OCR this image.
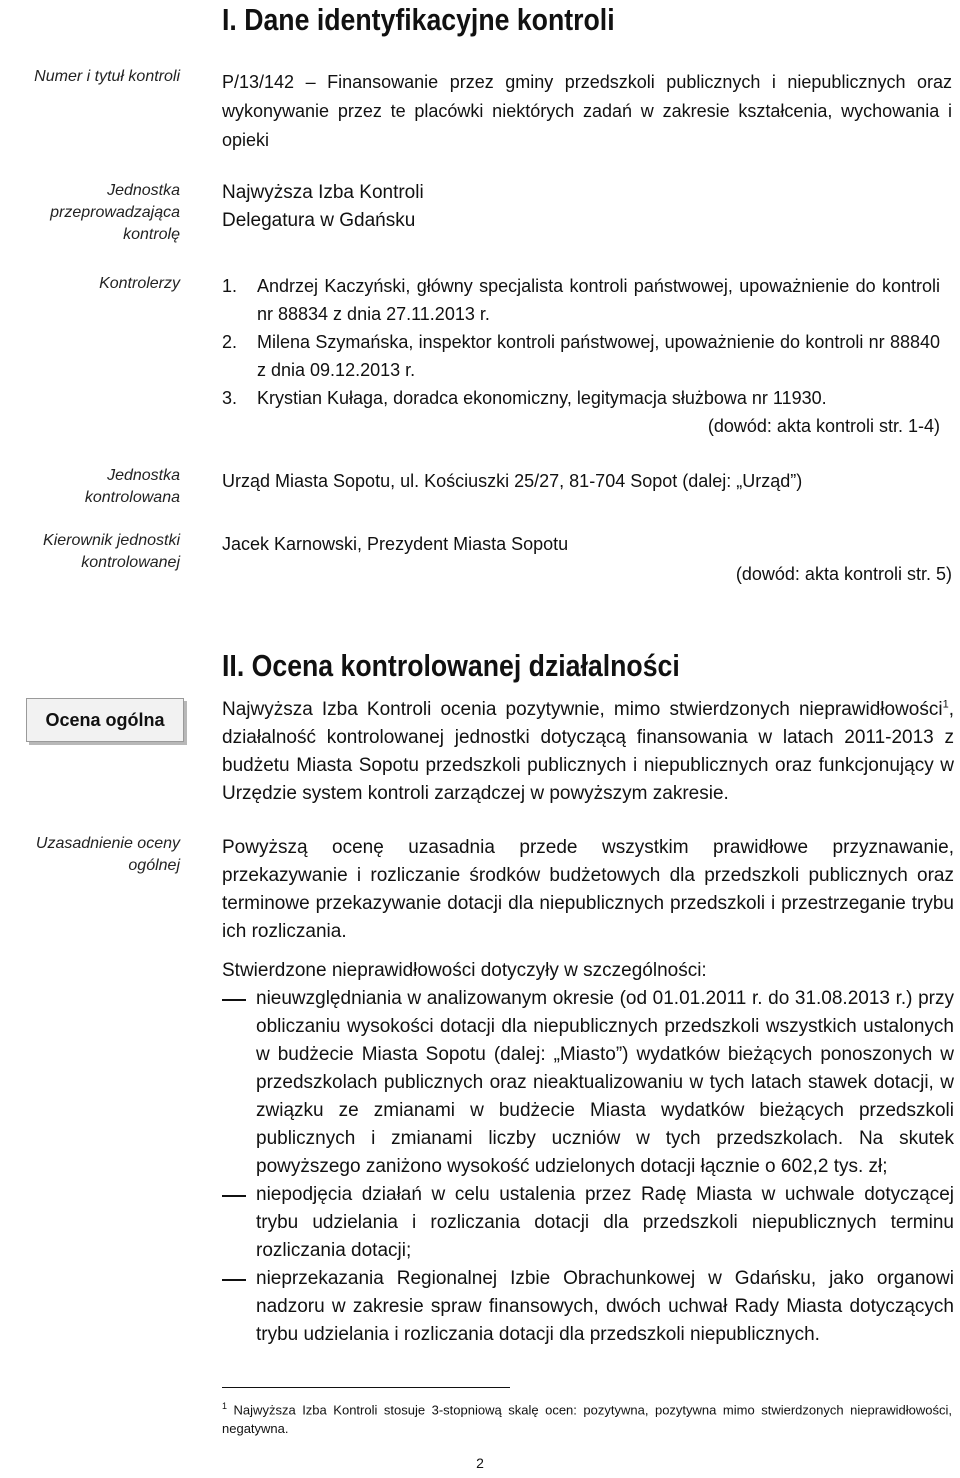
I. Dane identyfikacyjne kontroli
Numer i tytuł kontroli P/13/142 – Finansowanie przez gminy przedszkoli publicznych i niepublicznych oraz wykonywanie przez te placówki niektórych zadań w zakresie kształcenia, wychowania i opieki
Jednostka przeprowadzająca kontrolę

Najwyższa Izba Kontroli

Delegatura w Gdańsku

Kontrolerzy 1. Andrzej Kaczyński, główny specjalista kontroli państwowej, upoważnienie do kontroli nr 88834 z dnia 27.11.2013 r.
2. Milena Szymańska, inspektor kontroli państwowej, upoważnienie do kontroli nr 88840 z dnia 09.12.2013 r.
3. Krystian Kułaga, doradca ekonomiczny, legitymacja służbowa nr 11930.

(dowód: akta kontroli str. 1-4)

Jednostka kontrolowana
Urząd Miasta Sopotu, ul. Kościuszki 25/27, 81-704 Sopot (dalej: „Urząd”)
Kierownik jednostki kontrolowanej
Jacek Karnowski, Prezydent Miasta Sopotu
(dowód: akta kontroli str. 5)
II. Ocena kontrolowanej działalności
Ocena ogólna	Najwyższa Izba Kontroli ocenia pozytywnie, mimo stwierdzonych nieprawidłowości$^1$, działalność kontrolowanej jednostki dotyczącą finansowania w latach 2011-2013 z budżetu Miasta Sopotu przedszkoli publicznych i niepublicznych oraz funkcjonujący w Urzędzie system kontroli zarządczej w powyższym zakresie.
Uzasadnienie oceny ogólnej
Powyższą ocenę uzasadnia przede wszystkim prawidłowe przyznawanie, przekazywanie i rozliczanie środków budżetowych dla przedszkoli publicznych oraz terminowe przekazywanie dotacji dla niepublicznych przedszkoli i przestrzeganie trybu ich rozliczania.

Stwierdzone nieprawidłowości dotyczyły w szczególności:

nieuwzględniania w analizowanym okresie (od 01.01.2011 r. do 31.08.2013 r.) przy obliczaniu wysokości dotacji dla niepublicznych przedszkoli wszystkich ustalonych w budżecie Miasta Sopotu (dalej: „Miasto”) wydatków bieżących ponoszonych w przedszkolach publicznych oraz nieaktualizowaniu w tych latach stawek dotacji, w związku ze zmianami w budżecie Miasta wydatków bieżących przedszkoli publicznych i zmianami liczby uczniów w tych przedszkolach. Na skutek powyższego zaniżono wysokość udzielonych dotacji łącznie o 602,2 tys. zł;
niepodjęcia działań w celu ustalenia przez Radę Miasta w uchwale dotyczącej trybu udzielania i rozliczania dotacji dla przedszkoli niepublicznych terminu rozliczania dotacji;
nieprzekazania Regionalnej Izbie Obrachunkowej w Gdańsku, jako organowi nadzoru w zakresie spraw finansowych, dwóch uchwał Rady Miasta dotyczących trybu udzielania i rozliczania dotacji dla przedszkoli niepublicznych.
$^1$ Najwyższa Izba Kontroli stosuje 3-stopniową skalę ocen: pozytywna, pozytywna mimo stwierdzonych nieprawidłowości, negatywna.
2
